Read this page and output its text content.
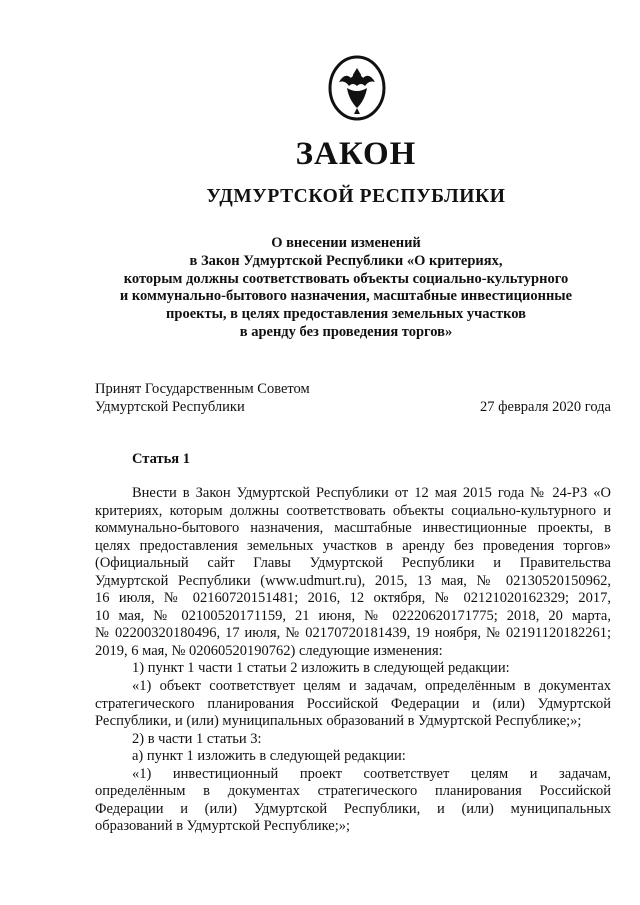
ЗАКОН
УДМУРТСКОЙ РЕСПУБЛИКИ
О внесении изменений
в Закон Удмуртской Республики «О критериях,
которым должны соответствовать объекты социально-культурного
и коммунально-бытового назначения, масштабные инвестиционные
проекты, в целях предоставления земельных участков
в аренду без проведения торгов»
Принят Государственным Советом
Удмуртской Республики	27 февраля 2020 года
Статья 1
Внести в Закон Удмуртской Республики от 12 мая 2015 года № 24-РЗ «О
критериях, которым должны соответствовать объекты социально-культурного и
коммунально-бытового назначения, масштабные инвестиционные проекты, в
целях предоставления земельных участков в аренду без проведения торгов»
(Официальный сайт Главы Удмуртской Республики и Правительства
Удмуртской Республики (www.udmurt.ru), 2015, 13 мая, № 02130520150962,
16 июля, № 02160720151481; 2016, 12 октября, № 02121020162329; 2017,
10 мая, № 02100520171159, 21 июня, № 02220620171775; 2018, 20 марта,
№ 02200320180496, 17 июля, № 02170720181439, 19 ноября, № 02191120182261;
2019, 6 мая, № 02060520190762) следующие изменения:
1) пункт 1 части 1 статьи 2 изложить в следующей редакции:
«1) объект соответствует целям и задачам, определённым в документах
стратегического планирования Российской Федерации и (или) Удмуртской
Республики, и (или) муниципальных образований в Удмуртской Республике;»;
2) в части 1 статьи 3:
а) пункт 1 изложить в следующей редакции:
«1) инвестиционный проект соответствует целям и задачам,
определённым в документах стратегического планирования Российской
Федерации и (или) Удмуртской Республики, и (или) муниципальных
образований в Удмуртской Республике;»;
